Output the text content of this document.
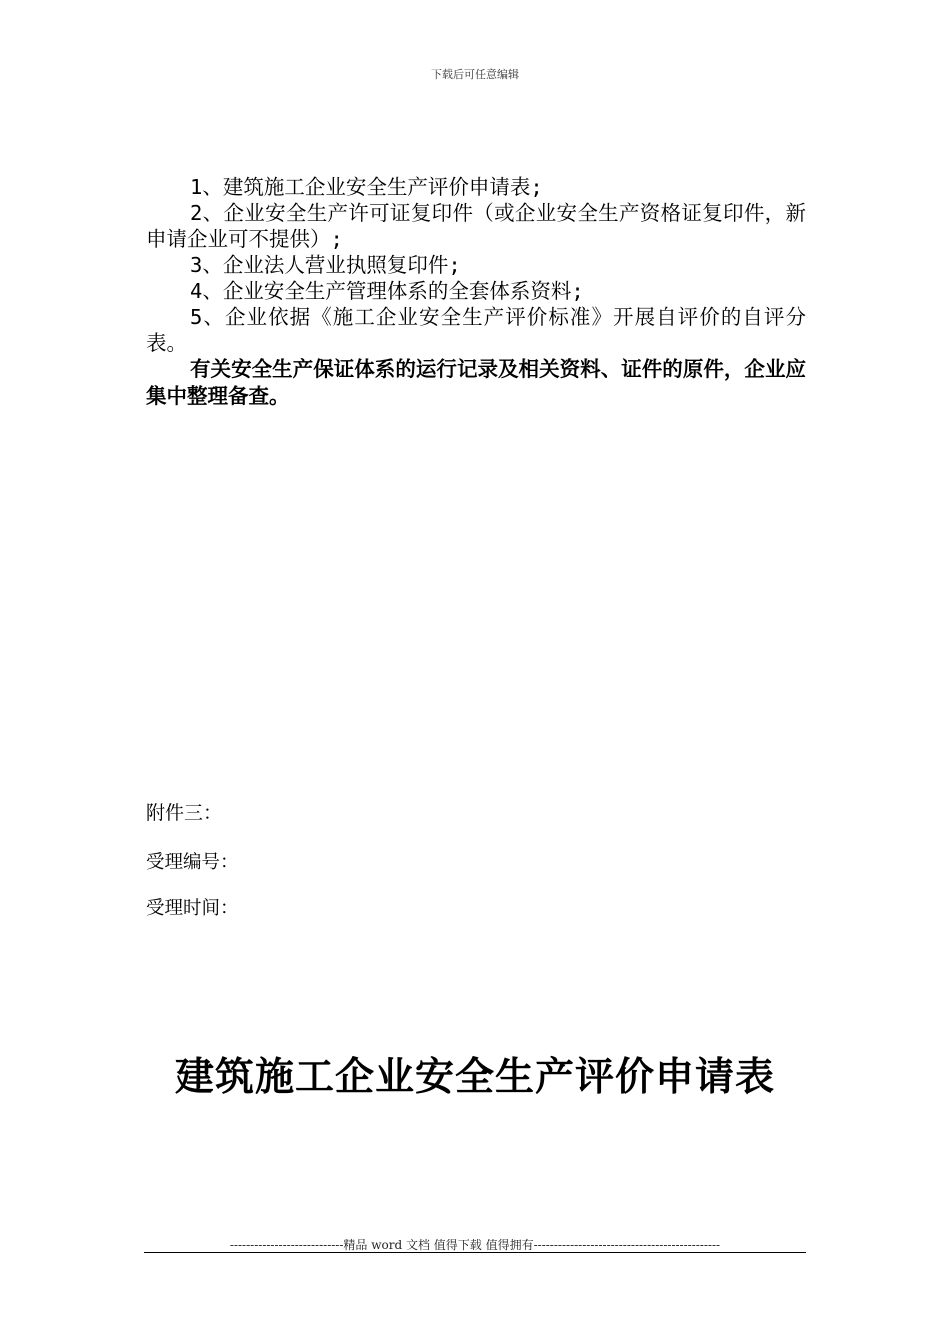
下载后可任意编辑

1、建筑施工企业安全生产评价申请表;

2、企业安全生产许可证复印件（或企业安全生产资格证复印件，新申请企业可不提供）;

3、企业法人营业执照复印件;

4、企业安全生产管理体系的全套体系资料;

5、企业依据《施工企业安全生产评价标准》开展自评价的自评分表。

有关安全生产保证体系的运行记录及相关资料、证件的原件，企业应集中整理备查。

附件三：
受理编号：
受理时间：
建筑施工企业安全生产评价申请表
----------------------------精品 word 文档 值得下载 值得拥有----------------------------------------------
